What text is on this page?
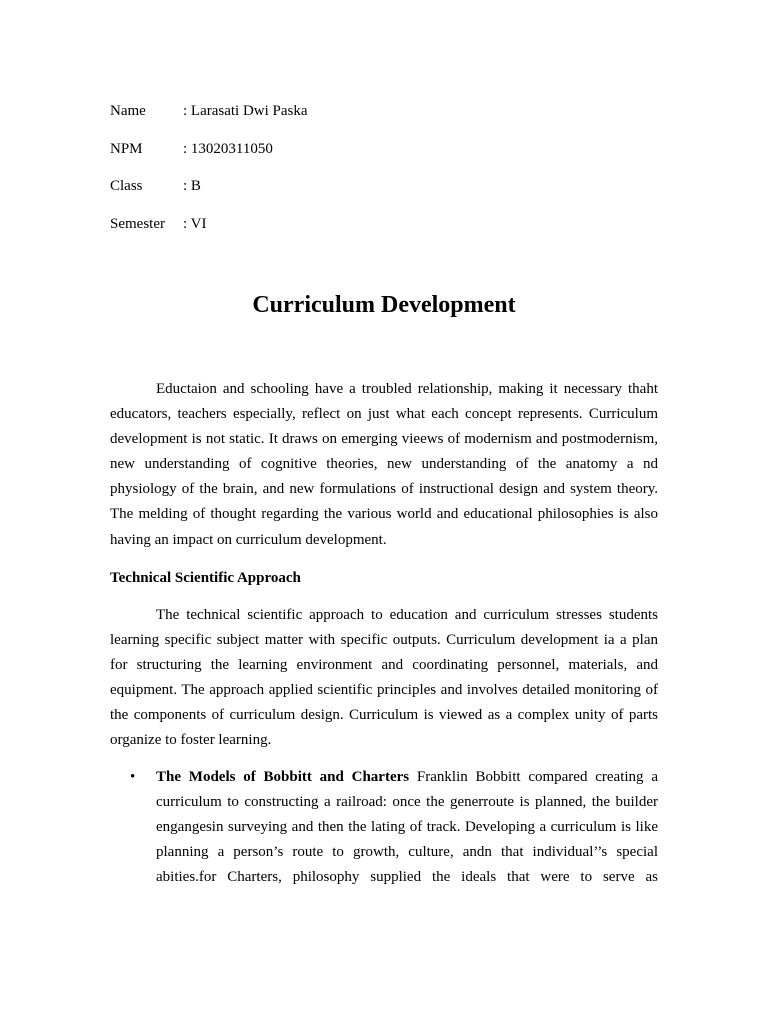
Name : Larasati Dwi Paska
NPM	: 13020311050
Class	: B
Semester : VI
Curriculum Development

Eductaion and schooling have a troubled relationship, making it necessary thaht educators, teachers especially, reflect on just what each concept represents. Curriculum development is not static. It draws on emerging vieews of modernism and postmodernism, new understanding of cognitive theories, new understanding of the anatomy a nd physiology of the brain, and new formulations of instructional design and system theory. The melding of thought regarding the various world and educational philosophies is also having an impact on curriculum development.

Technical Scientific Approach

The technical scientific approach to education and curriculum stresses students learning specific subject matter with specific outputs. Curriculum development ia a plan for structuring the learning environment and coordinating personnel, materials, and equipment. The approach applied scientific principles and involves detailed monitoring of the components of curriculum design. Curriculum is viewed as a complex unity of parts organize to foster learning.

• The Models of Bobbitt and Charters Franklin Bobbitt compared creating a curriculum to constructing a railroad: once the generroute is planned, the builder engangesin surveying and then the lating of track. Developing a curriculum is like planning a person’s route to growth, culture, andn that individual’’s special abities.for Charters, philosophy supplied the ideals that were to serve as
